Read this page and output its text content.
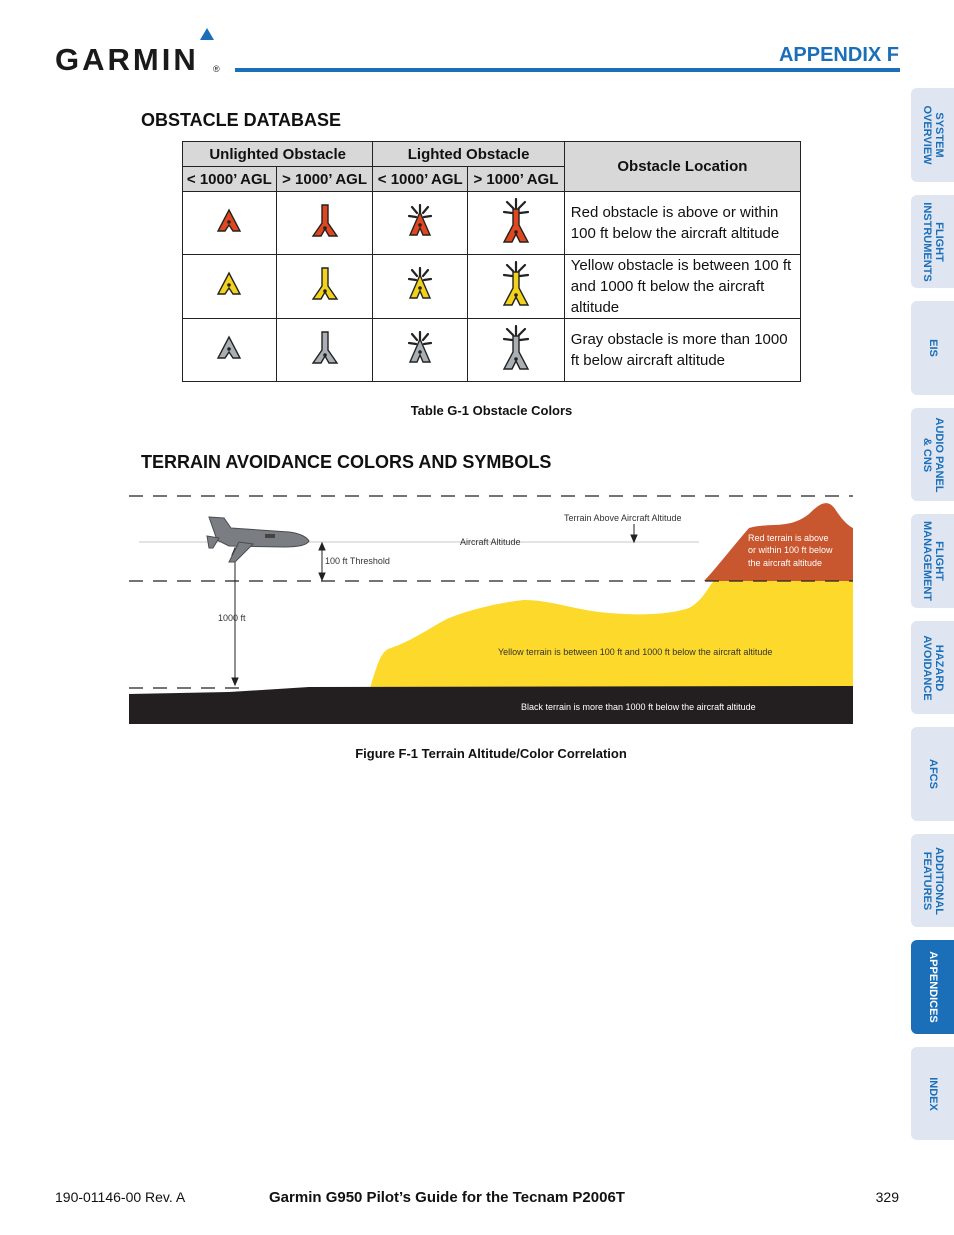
GARMIN ®
APPENDIX F
OBSTACLE DATABASE
Unlighted Obstacle		Lighted Obstacle		Obstacle Location
< 1000’ AGL	> 1000’ AGL	< 1000’ AGL	> 1000’ AGL	
				Red obstacle is above or within 100 ft below the aircraft altitude
				Yellow obstacle is between 100 ft and 1000 ft below the aircraft altitude
				Gray obstacle is more than 1000 ft below aircraft altitude
Table G-1 Obstacle Colors
TERRAIN AVOIDANCE COLORS AND SYMBOLS
Terrain Above Aircraft Altitude
Aircraft Altitude
100 ft Threshold
1000 ft
Red terrain is above
or within 100 ft below
the aircraft altitude
Yellow terrain is between 100 ft and 1000 ft below the aircraft altitude
Black terrain is more than 1000 ft below the aircraft altitude
Figure F-1 Terrain Altitude/Color Correlation
SYSTEM
OVERVIEW
FLIGHT
INSTRUMENTS
EIS
AUDIO PANEL
& CNS
FLIGHT
MANAGEMENT
HAZARD
AVOIDANCE
AFCS
ADDITIONAL
FEATURES
APPENDICES
INDEX
190-01146-00 Rev. A	Garmin G950 Pilot’s Guide for the Tecnam P2006T	329
